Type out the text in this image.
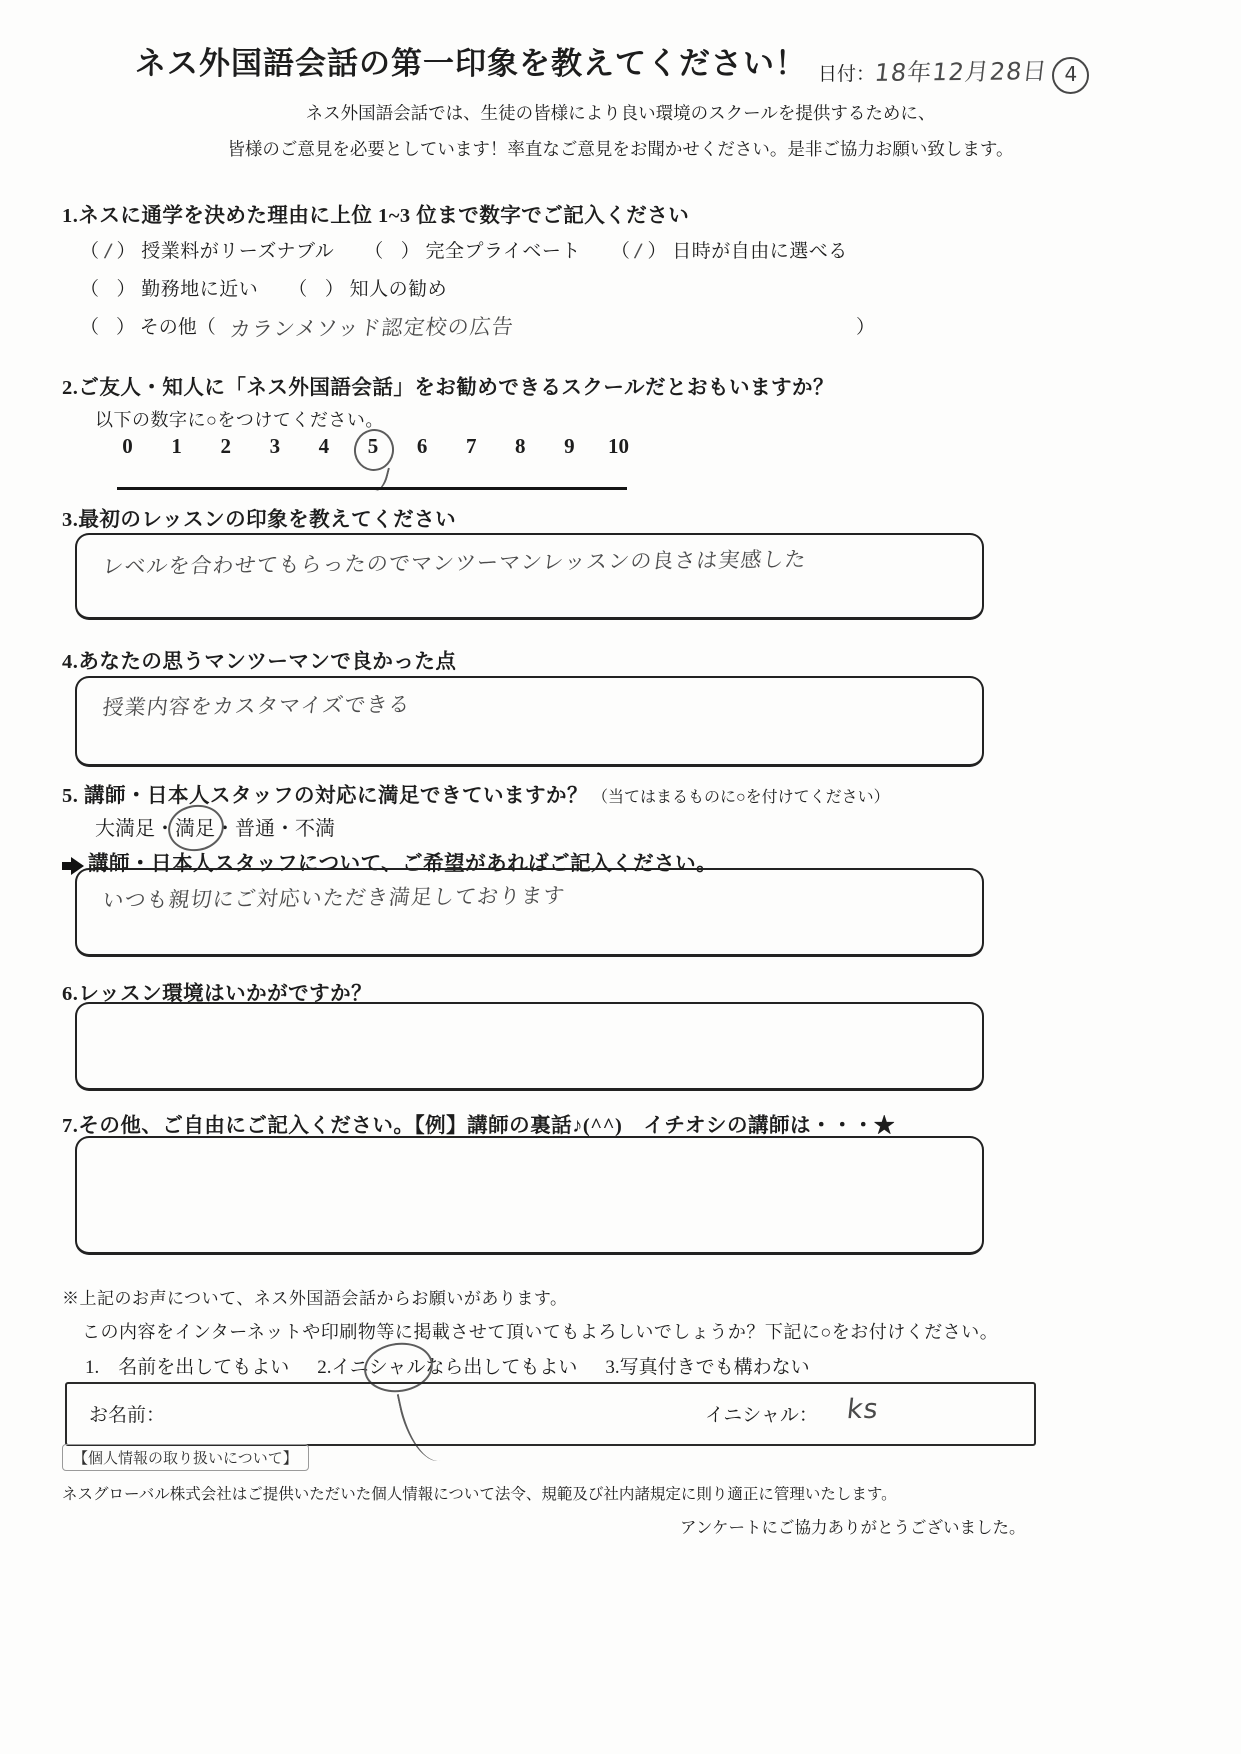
ネス外国語会話の第一印象を教えてください！ 日付：18年12月28日 4
ネス外国語会話では、生徒の皆様により良い環境のスクールを提供するために、
皆様のご意見を必要としています！率直なご意見をお聞かせください。是非ご協力お願い致します。
1.ネスに通学を決めた理由に上位 1~3 位まで数字でご記入ください
（ / ） 授業料がリーズナブル （ ） 完全プライベート （ / ） 日時が自由に選べる
（ ） 勤務地に近い （ ） 知人の勧め
（ ） その他（ カランメソッド認定校の広告	）
2.ご友人・知人に「ネス外国語会話」をお勧めできるスクールだとおもいますか？
以下の数字に○をつけてください。
0	1	2	3	4	5	6	7	8	9	10
3.最初のレッスンの印象を教えてください
レベルを合わせてもらったのでマンツーマンレッスンの良さは実感した
4.あなたの思うマンツーマンで良かった点
授業内容をカスタマイズできる
5. 講師・日本人スタッフの対応に満足できていますか？ （当てはまるものに○を付けてください）
大満足・満足・普通・不満
講師・日本人スタッフについて、ご希望があればご記入ください。
いつも親切にご対応いただき満足しております
6.レッスン環境はいかがですか？
7.その他、ご自由にご記入ください。【例】講師の裏話♪(^^)　イチオシの講師は・・・★
※上記のお声について、ネス外国語会話からお願いがあります。
この内容をインターネットや印刷物等に掲載させて頂いてもよろしいでしょうか？下記に○をお付けください。
1.　名前を出してもよい 2.イニシャルなら出してもよい 3.写真付きでも構わない
お名前：	イニシャル： ks
【個人情報の取り扱いについて】
ネスグローバル株式会社はご提供いただいた個人情報について法令、規範及び社内諸規定に則り適正に管理いたします。
アンケートにご協力ありがとうございました。
